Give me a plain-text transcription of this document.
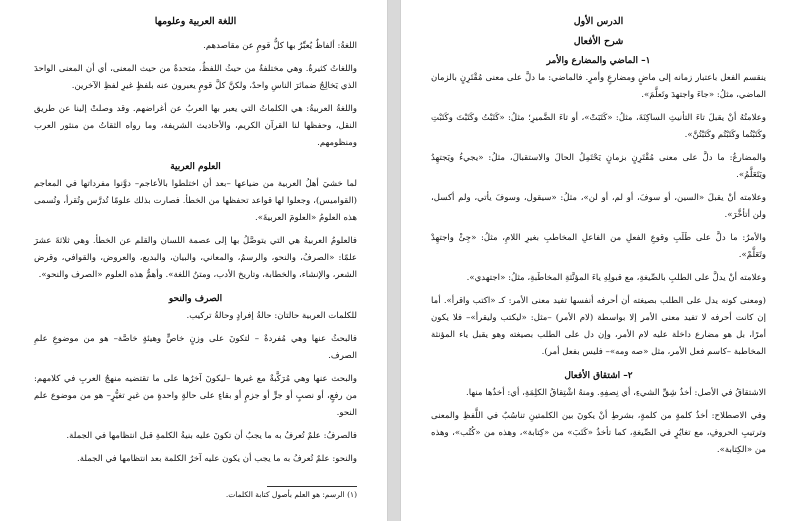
اللغة العربية وعلومها

اللغةُ: ألفاظٌ يُعبِّرُ بها كلُّ قومٍ عن مقاصدهم.

واللغاتُ كثيرةٌ. وهي مختلفةٌ من حيثُ اللفظُ، متحدةٌ من حيث المعنى، أي أن المعنى الواحدَ الذي يَخالِجُ ضمائرَ الناسِ واحدٌ، ولكنَّ كلَّ قومٍ يعبرون عنه بلفظٍ غيرِ لفظِ الآخرين.

واللغةُ العربيةُ: هي الكلماتُ التي يعبر بها العربُ عن أغراضهم. وقد وصلتْ إلينا عن طريق النقل، وحفظها لنا القرآن الكريم، والأحاديث الشريفة، وما رواه الثقاتُ من منثور العرب ومنظومهم.

العلوم العربية

لما خشيَ أهلُ العربية من ضياعها –بعد أن اختلطوا بالأعاجم– دوَّنوا مفرداتها في المعاجم (القواميس)، وجعلوا لها قواعد تحفظها من الخطأ. فصارت بذلك علومًا تُدرَّس وتُقرأ، وتُسمى هذه العلومُ «العلومَ العربيةَ».

فالعلومُ العربيةُ هي التي يتوصَّلُ بها إلى عصمة اللسان والقلم عن الخطأ. وهي ثلاثةَ عشرَ علمًا: «الصرفُ، والنحو، والرسمُ، والمعاني، والبيان، والبديع، والعروض، والقوافي، وقرض الشعر، والإنشاء، والخطابة، وتاريخ الأدب، ومتنُ اللغة». وأهمُّ هذه العلوم «الصرف والنحو».

الصرف والنحو

للكلمات العربية حالتان: حالةُ إفرادٍ وحالةُ تركيب.

فالبحثُ عنها وهي مُفردةٌ – لتكونَ على وزنٍ خاصٍّ وهيئةٍ خاصَّة– هو من موضوعِ علمِ الصرف.

والبحث عنها وهي مُرَكَّبةٌ مع غيرها –ليكونَ آخرُها على ما تقتضيه منهجُ العربِ في كلامهم: من رفعٍ، أو نصبٍ أو جرٍّ أو جزمٍ أو بقاءٍ على حالةٍ واحدةٍ من غيرِ تغيُّرٍ– هو من موضوع علم النحو.

فالصرفُ: علمٌ تُعرفُ به ما يجبُ أن تكونَ عليه بنيةُ الكلمةِ قبل انتظامها في الجملة.

والنحو: علمٌ تُعرفُ به ما يجب أن يكون عليه آخرُ الكلمة بعد انتظامها في الجملة.

(١) الرسم: هو العلم بأصول كتابة الكلمات.
الدرس الأول
شرح الأفعال
١– الماضي والمضارع والأمر

ينقسم الفعل باعتبار زمانه إلى ماضٍ ومضارعٍ وأمرٍ. فالماضي: ما دلَّ على معنى مُقْتَرِنٍ بالزمان الماضي، مثلُ: «جاءَ واجتهدَ وتَعلَّمَ».

وعلامتُهُ أنْ يقبلَ تاءَ التأنيثِ الساكِنَةَ، مثلُ: «كَتَبَتْ»، أو تاءَ الضَّميرِ؛ مثلُ: «كَتَبْتُ وكَتَبْتَ وكَتَبْتِ وكَتَبْتُما وكَتَبْتُم وكَتَبْتُنَّ».

والمضارعُ: ما دلَّ على معنى مُقْتَرِنٍ بزمانٍ يَحْتَمِلُ الحالَ والاستقبالَ، مثلُ: «يجيءُ ويَجتهِدُ ويَتَعَلَّمُ».

وعلامته أنْ يقبلَ «السين، أو سوفَ، أو لم، أو لن»، مثلُ: «سيقول، وسوفَ يأتي، ولم أكسل، ولن أتأخَّرَ».

والأمرُ: ما دلَّ على طَلَبِ وقوعِ الفعلِ من الفاعلِ المخاطبِ بغيرِ اللامِ، مثلُ: «جِئْ واجتهِدْ وتَعَلَّمْ».

وعلامته أنْ يدلَّ على الطلبِ بالصِّيغةِ، مع قبولِهِ ياءَ المؤنَّثةِ المخاطَبةِ، مثلُ: «اجتهدي».

(ومعنى كونه يدل على الطلب بصيغته أن أحرفه أنفسها تفيد معنى الأمر: كـ «اكتب واقرأ». أما إن كانت أحرفه لا تفيد معنى الأمر إلا بواسطة (لام الأمر) –مثل: «ليكتب وليقرأ»– فلا يكون أمرًا، بل هو مضارع داخلة عليه لام الأمر، وإن دل على الطلب بصيغته وهو يقبل ياء المؤنثة المخاطبة –كاسم فعل الأمر، مثل «صه ومه»– فليس بفعل أمر).

٢– اشتقاق الأفعال

الاشتقاقُ في الأصل: أخذُ شِقِّ الشيءِ، أي نِصفِهِ. ومنهُ اشْتِقاقُ الكلِمَةِ، أي: أخذُها منها.

وفي الاصطلاح: أخذُ كلمةٍ من كلمةٍ، بشرطِ أنْ يكونَ بين الكلمتينِ تناسُبٌ في اللَّفظِ والمعنى وترتيبِ الحروفِ، مع تغايُرٍ في الصِّيغةِ، كما تأخذُ «كَتَبَ» من «كِتابة»، وهذه من «كُتُب»، وهذه من «الكِتابة».
